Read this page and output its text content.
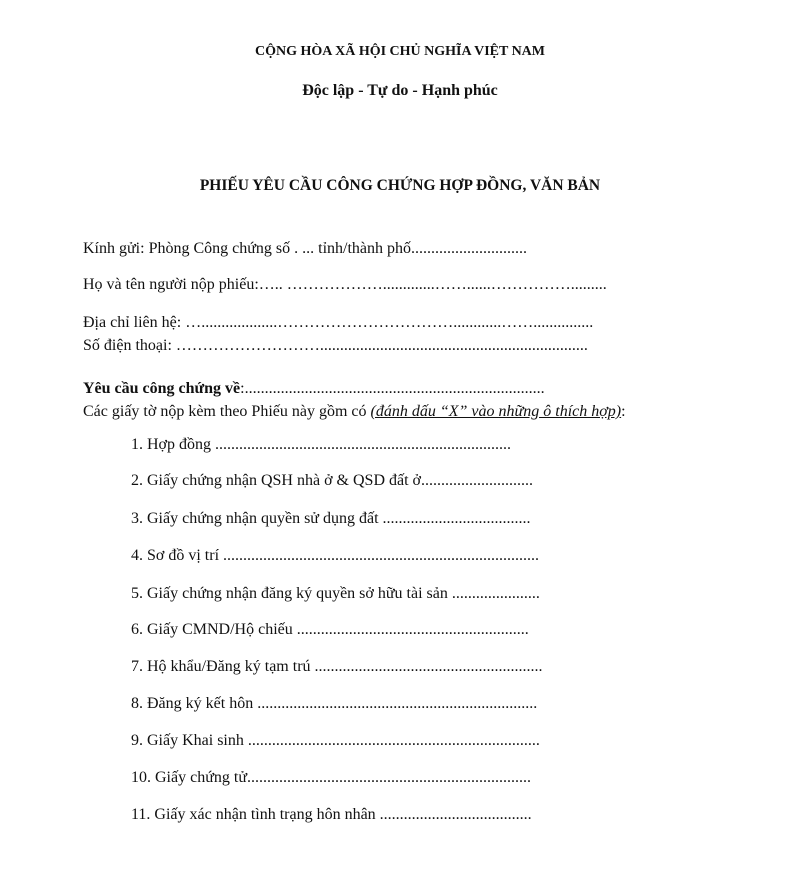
CỘNG HÒA XÃ HỘI CHỦ NGHĨA VIỆT NAM
Độc lập - Tự do - Hạnh phúc
PHIẾU YÊU CẦU CÔNG CHỨNG HỢP ĐỒNG, VĂN BẢN
Kính gửi: Phòng Công chứng số . ... tỉnh/thành phố.............................
Họ và tên người nộp phiếu:….. ……………….............……......…………….........
Địa chỉ liên hệ: …...................……………………………............……...............
Số điện thoại: ………………………...................................................................
Yêu cầu công chứng về:...........................................................................
Các giấy tờ nộp kèm theo Phiếu này gồm có (đánh dấu “X” vào những ô thích hợp):
1. Hợp đồng ..........................................................................
2. Giấy chứng nhận QSH nhà ở & QSD đất ở............................
3. Giấy chứng nhận quyền sử dụng đất .....................................
4. Sơ đồ vị trí ...............................................................................
5. Giấy chứng nhận đăng ký quyền sở hữu tài sản ......................
6. Giấy CMND/Hộ chiếu ..........................................................
7. Hộ khẩu/Đăng ký tạm trú .........................................................
8. Đăng ký kết hôn ......................................................................
9. Giấy Khai sinh .........................................................................
10. Giấy chứng tử.......................................................................
11. Giấy xác nhận tình trạng hôn nhân ......................................
